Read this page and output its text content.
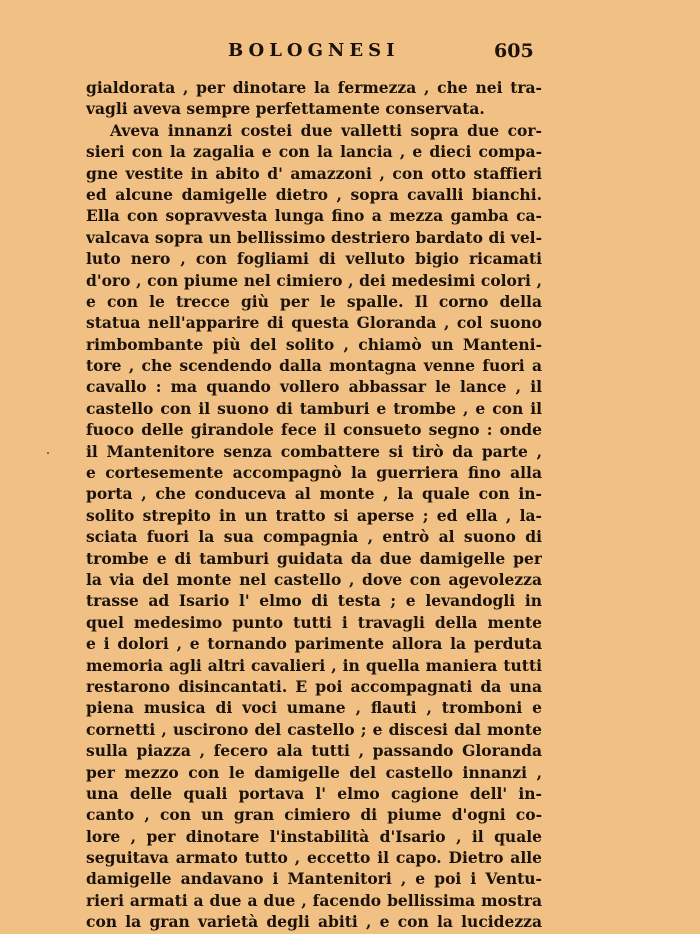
BOLOGNESI	605
gialdorata , per dinotare la fermezza , che nei tra-
vagli aveva sempre perfettamente conservata.
Aveva innanzi costei due valletti sopra due cor-
sieri con la zagalia e con la lancia , e dieci compa-
gne vestite in abito d' amazzoni , con otto staffieri
ed alcune damigelle dietro , sopra cavalli bianchi.
Ella con sopravvesta lunga fino a mezza gamba ca-
valcava sopra un bellissimo destriero bardato di vel-
luto nero , con fogliami di velluto bigio ricamati
d'oro , con piume nel cimiero , dei medesimi colori ,
e con le trecce giù per le spalle. Il corno della
statua nell'apparire di questa Gloranda , col suono
rimbombante più del solito , chiamò un Manteni-
tore , che scendendo dalla montagna venne fuori a
cavallo : ma quando vollero abbassar le lance , il
castello con il suono di tamburi e trombe , e con il
fuoco delle girandole fece il consueto segno : onde
il Mantenitore senza combattere si tirò da parte ,
e cortesemente accompagnò la guerriera fino alla
porta , che conduceva al monte , la quale con in-
solito strepito in un tratto si aperse ; ed ella , la-
sciata fuori la sua compagnia , entrò al suono di
trombe e di tamburi guidata da due damigelle per
la via del monte nel castello , dove con agevolezza
trasse ad Isario l' elmo di testa ; e levandogli in
quel medesimo punto tutti i travagli della mente
e i dolori , e tornando parimente allora la perduta
memoria agli altri cavalieri , in quella maniera tutti
restarono disincantati. E poi accompagnati da una
piena musica di voci umane , flauti , tromboni e
cornetti , uscirono del castello ; e discesi dal monte
sulla piazza , fecero ala tutti , passando Gloranda
per mezzo con le damigelle del castello innanzi ,
una delle quali portava l' elmo cagione dell' in-
canto , con un gran cimiero di piume d'ogni co-
lore , per dinotare l'instabilità d'Isario , il quale
seguitava armato tutto , eccetto il capo. Dietro alle
damigelle andavano i Mantenitori , e poi i Ventu-
rieri armati a due a due , facendo bellissima mostra
con la gran varietà degli abiti , e con la lucidezza
